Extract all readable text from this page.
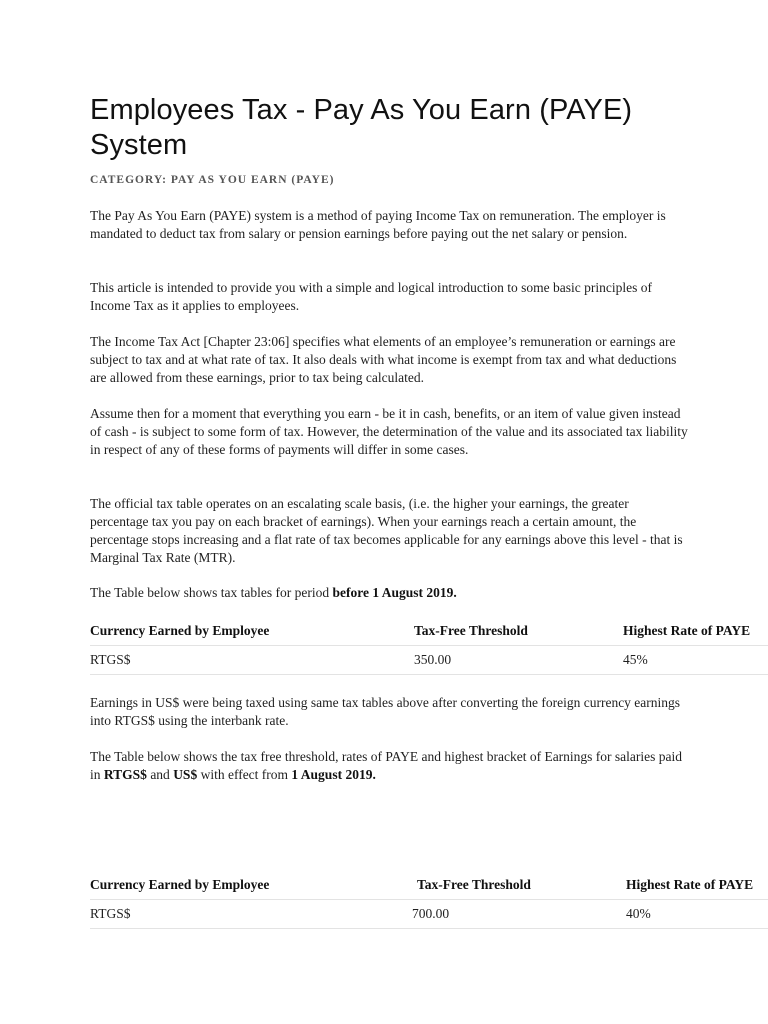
Employees Tax - Pay As You Earn (PAYE) System
CATEGORY: PAY AS YOU EARN (PAYE)

The Pay As You Earn (PAYE) system is a method of paying Income Tax on remuneration. The employer is mandated to deduct tax from salary or pension earnings before paying out the net salary or pension.

This article is intended to provide you with a simple and logical introduction to some basic principles of Income Tax as it applies to employees.

The Income Tax Act [Chapter 23:06] specifies what elements of an employee’s remuneration or earnings are subject to tax and at what rate of tax. It also deals with what income is exempt from tax and what deductions are allowed from these earnings, prior to tax being calculated.

Assume then for a moment that everything you earn - be it in cash, benefits, or an item of value given instead of cash - is subject to some form of tax. However, the determination of the value and its associated tax liability in respect of any of these forms of payments will differ in some cases.

The official tax table operates on an escalating scale basis, (i.e. the higher your earnings, the greater percentage tax you pay on each bracket of earnings). When your earnings reach a certain amount, the percentage stops increasing and a flat rate of tax becomes applicable for any earnings above this level - that is Marginal Tax Rate (MTR).

The Table below shows tax tables for period before 1 August 2019.

Currency Earned by Employee	Tax-Free Threshold	Highest Rate of PAYE
RTGS$	350.00	45%

Earnings in US$ were being taxed using same tax tables above after converting the foreign currency earnings into RTGS$ using the interbank rate.

The Table below shows the tax free threshold, rates of PAYE and highest bracket of Earnings for salaries paid in RTGS$ and US$ with effect from 1 August 2019.

Currency Earned by Employee	Tax-Free Threshold	Highest Rate of PAYE
RTGS$	700.00	40%
